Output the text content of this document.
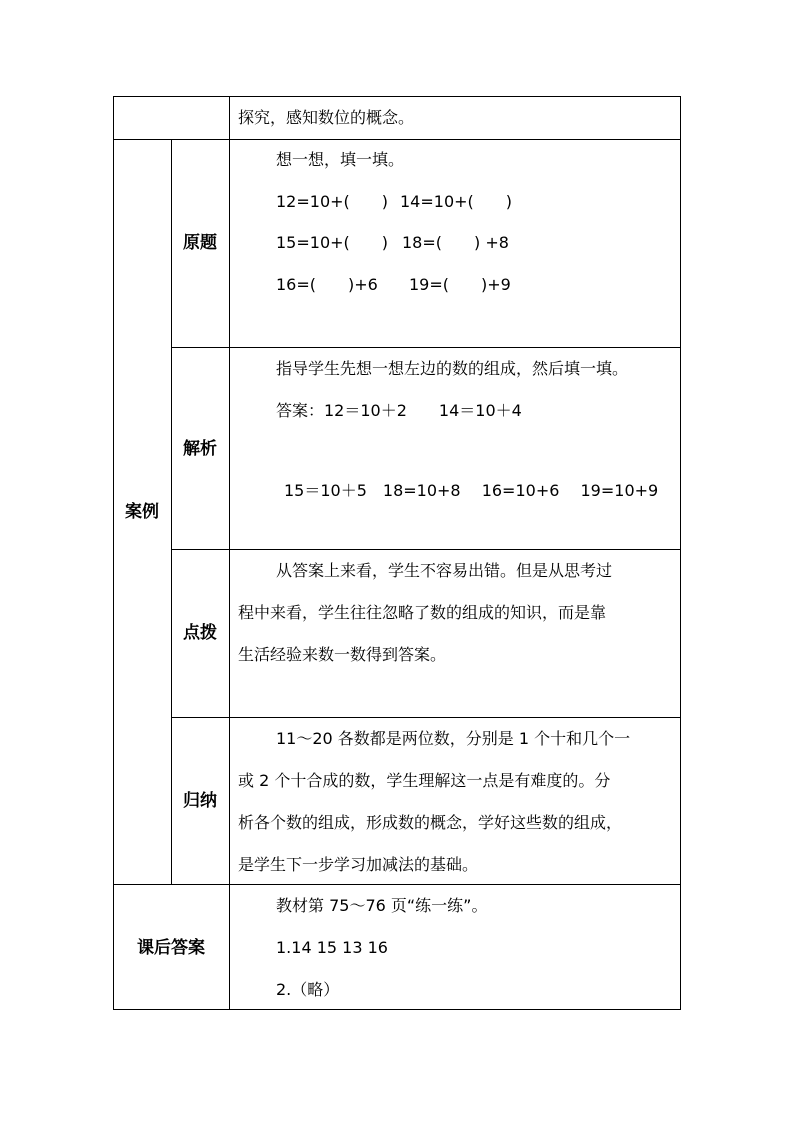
探究，感知数位的概念。
案例
原题
想一想，填一填。
12=10+(　　) 14=10+(　　)
15=10+(　　) 18=(　　) +8
16=(　　)+6 19=(　　)+9
解析
指导学生先想一想左边的数的组成，然后填一填。
答案：12＝10＋2　　14＝10＋4
15＝10＋5　18=10+8　 16=10+6　 19=10+9
点拨
从答案上来看，学生不容易出错。但是从思考过
程中来看，学生往往忽略了数的组成的知识，而是靠
生活经验来数一数得到答案。
归纳
11～20 各数都是两位数，分别是 1 个十和几个一
或 2 个十合成的数，学生理解这一点是有难度的。分
析各个数的组成，形成数的概念，学好这些数的组成，
是学生下一步学习加减法的基础。
课后答案
教材第 75～76 页“练一练”。
1.14 15 13 16
2.（略）
